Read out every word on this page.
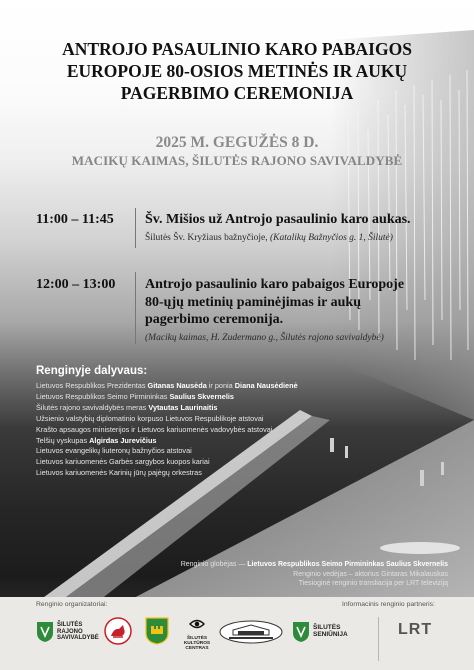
ANTROJO PASAULINIO KARO PABAIGOS
EUROPOJE 80-OSIOS METINĖS IR AUKŲ
PAGERBIMO CEREMONIJA
2025 M. GEGUŽĖS 8 D.
MACIKŲ KAIMAS, ŠILUTĖS RAJONO SAVIVALDYBĖ
11:00 – 11:45 Šv. Mišios už Antrojo pasaulinio karo aukas.
Šilutės Šv. Kryžiaus bažnyčioje, (Katalikų Bažnyčios g. 1, Šilutė)
12:00 – 13:00 Antrojo pasaulinio karo pabaigos Europoje
80-ųjų metinių paminėjimas ir aukų
pagerbimo ceremonija.
(Macikų kaimas, H. Zudermano g., Šilutės rajono savivaldybė)
Renginyje dalyvaus:
Lietuvos Respublikos Prezidentas Gitanas Nausėda ir ponia Diana Nausėdienė
Lietuvos Respublikos Seimo Pirmininkas Saulius Skvernelis
Šilutės rajono savivaldybės meras Vytautas Laurinaitis
Užsienio valstybių diplomatinio korpuso Lietuvos Respublikoje atstovai
Krašto apsaugos ministerijos ir Lietuvos kariuomenės vadovybės atstovai
Telšių vyskupas Algirdas Jurevičius
Lietuvos evangelikų liuteronų bažnyčios atstovai
Lietuvos kariuomenės Garbės sargybos kuopos kariai
Lietuvos kariuomenės Karinių jūrų pajėgų orkestras
Renginio globėjas — Lietuvos Respublikos Seimo Pirmininkas Saulius Skvernelis
Renginio vedėjas – aktorius Gintaras Mikalauskas
Tiesioginė renginio transliacija per LRT televiziją
Renginio organizatoriai:	Informacinis renginio partneris:
ŠILUTĖS
RAJONO
SAVIVALDYBĖ	ŠILUTĖS
KULTŪROS
CENTRAS
ŠILUTĖS
SENIŪNIJA	LRT
